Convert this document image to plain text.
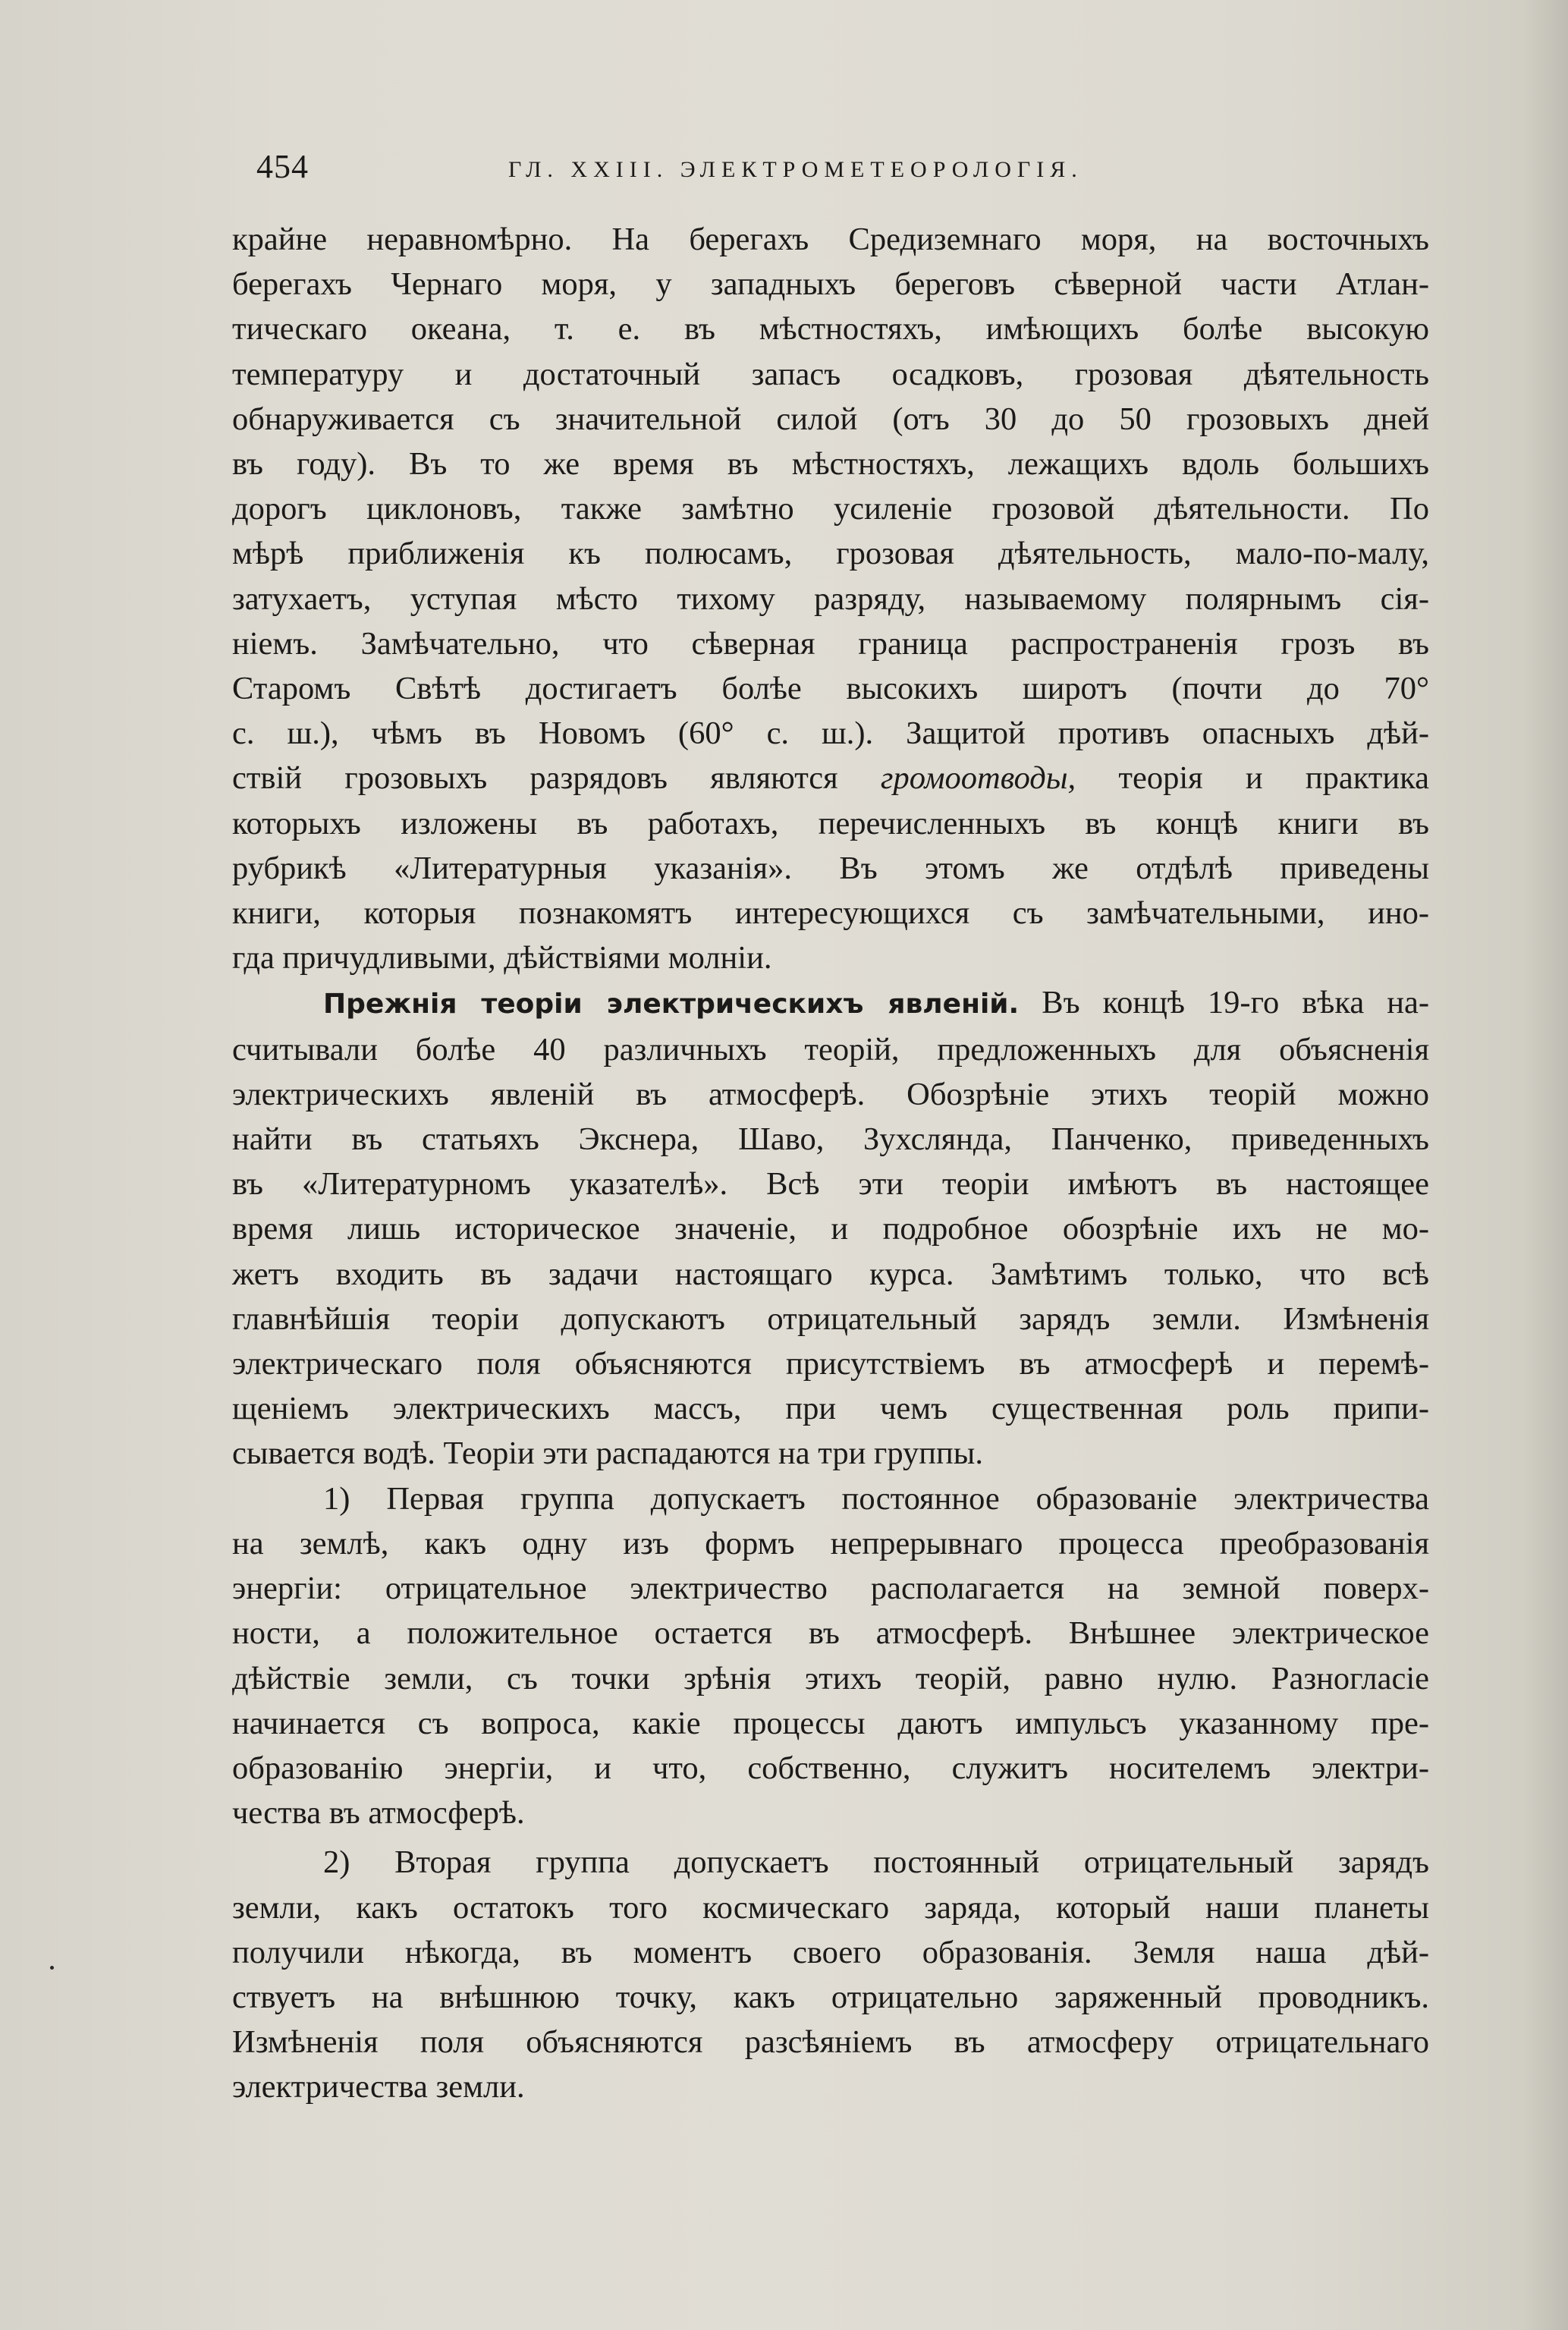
454	ГЛ. XXIII. ЭЛЕКТРОМЕТЕОРОЛОГІЯ.
крайне неравномѣрно. На берегахъ Средиземнаго моря, на восточныхъ
берегахъ Чернаго моря, у западныхъ береговъ сѣверной части Атлан-
тическаго океана, т. е. въ мѣстностяхъ, имѣющихъ болѣе высокую
температуру и достаточный запасъ осадковъ, грозовая дѣятельность
обнаруживается съ значительной силой (отъ 30 до 50 грозовыхъ дней
въ году). Въ то же время въ мѣстностяхъ, лежащихъ вдоль большихъ
дорогъ циклоновъ, также замѣтно усиленіе грозовой дѣятельности. По
мѣрѣ приближенія къ полюсамъ, грозовая дѣятельность, мало-по-малу,
затухаетъ, уступая мѣсто тихому разряду, называемому полярнымъ сія-
ніемъ. Замѣчательно, что сѣверная граница распространенія грозъ въ
Старомъ Свѣтѣ достигаетъ болѣе высокихъ широтъ (почти до 70°
с. ш.), чѣмъ въ Новомъ (60° с. ш.). Защитой противъ опасныхъ дѣй-
ствій грозовыхъ разрядовъ являются громоотводы, теорія и практика
которыхъ изложены въ работахъ, перечисленныхъ въ концѣ книги въ
рубрикѣ «Литературныя указанія». Въ этомъ же отдѣлѣ приведены
книги, которыя познакомятъ интересующихся съ замѣчательными, ино-
гда причудливыми, дѣйствіями молніи.
Прежнія теоріи электрическихъ явленій. Въ концѣ 19-го вѣка на-
считывали болѣе 40 различныхъ теорій, предложенныхъ для объясненія
электрическихъ явленій въ атмосферѣ. Обозрѣніе этихъ теорій можно
найти въ статьяхъ Экснера, Шаво, Зухсляндa, Панченко, приведенныхъ
въ «Литературномъ указателѣ». Всѣ эти теоріи имѣютъ въ настоящее
время лишь историческое значеніе, и подробное обозрѣніе ихъ не мо-
жетъ входить въ задачи настоящаго курса. Замѣтимъ только, что всѣ
главнѣйшія теоріи допускаютъ отрицательный зарядъ земли. Измѣненія
электрическаго поля объясняются присутствіемъ въ атмосферѣ и перемѣ-
щеніемъ электрическихъ массъ, при чемъ существенная роль припи-
сывается водѣ. Теоріи эти распадаются на три группы.
1) Первая группа допускаетъ постоянное образованіе электричества
на землѣ, какъ одну изъ формъ непрерывнаго процесса преобразованія
энергіи: отрицательное электричество располагается на земной поверх-
ности, а положительное остается въ атмосферѣ. Внѣшнее электрическое
дѣйствіе земли, съ точки зрѣнія этихъ теорій, равно нулю. Разногласіе
начинается съ вопроса, какіе процессы даютъ импульсъ указанному пре-
образованію энергіи, и что, собственно, служитъ носителемъ электри-
чества въ атмосферѣ.
2) Вторая группа допускаетъ постоянный отрицательный зарядъ
земли, какъ остатокъ того космическаго заряда, который наши планеты
получили нѣкогда, въ моментъ своего образованія. Земля наша дѣй-
ствуетъ на внѣшнюю точку, какъ отрицательно заряженный проводникъ.
Измѣненія поля объясняются разсѣяніемъ въ атмосферу отрицательнаго
электричества земли.
